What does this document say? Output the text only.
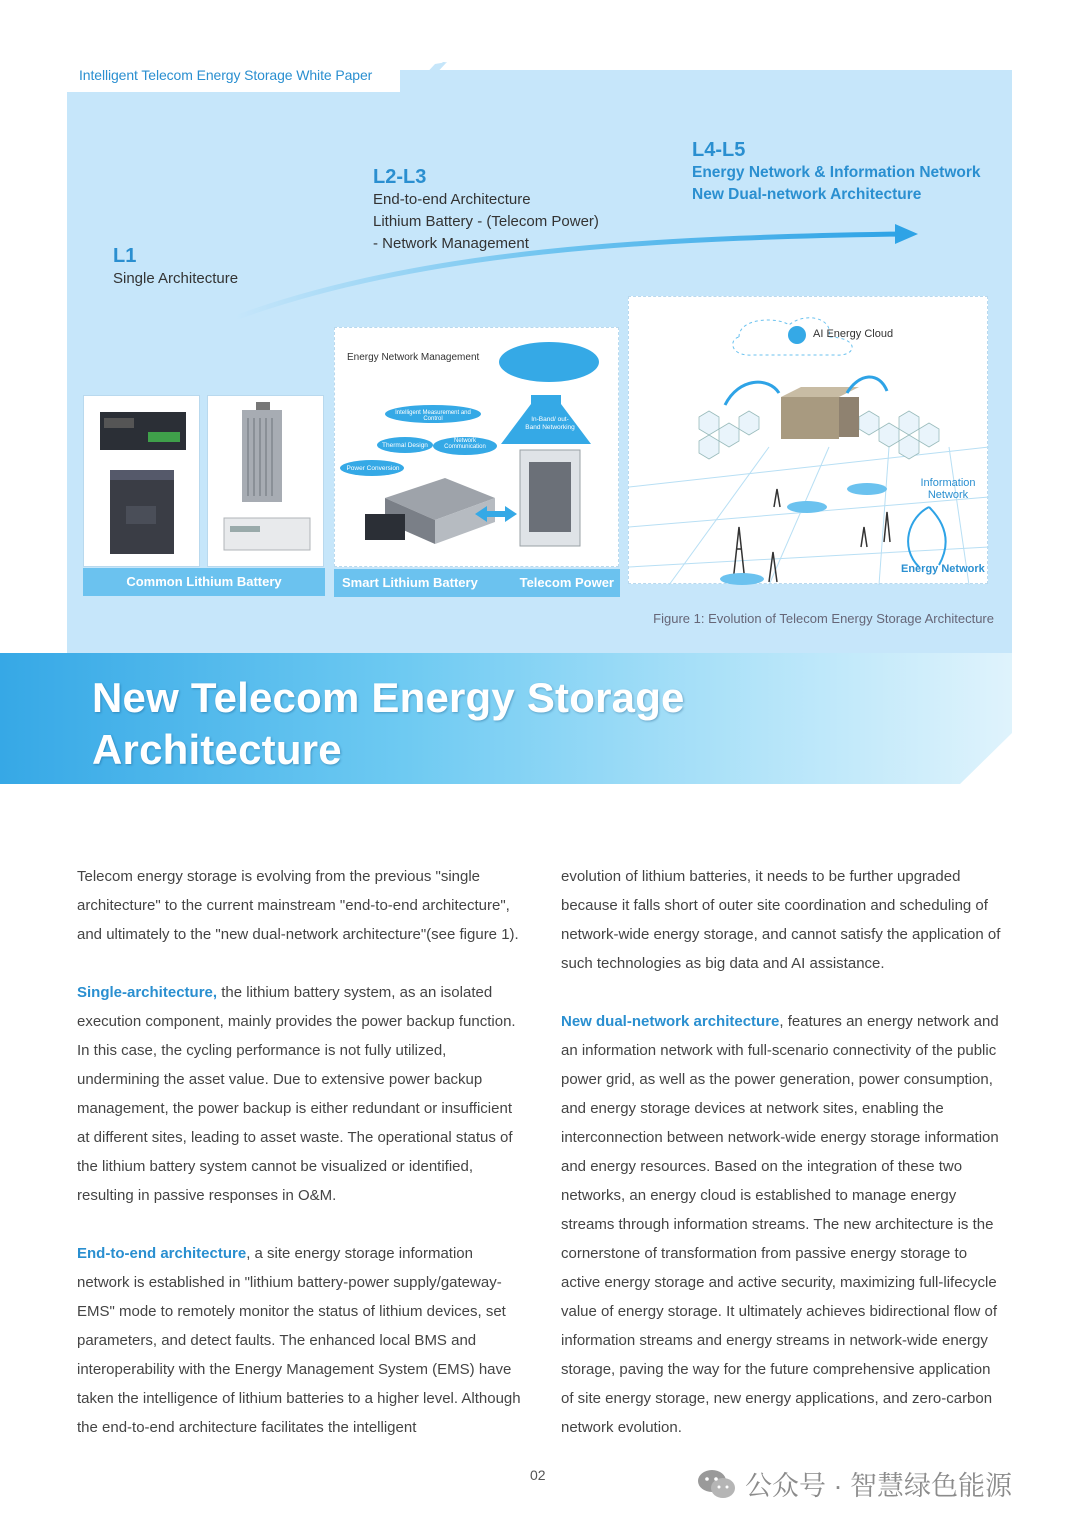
Intelligent Telecom Energy Storage White Paper
L1
Single Architecture
L2-L3
End-to-end Architecture
Lithium Battery - (Telecom Power)
- Network Management
L4-L5
Energy Network & Information Network
New Dual-network Architecture
Common Lithium Battery
Energy Network Management
Intelligent Measurement and Control
Thermal Design
Network Communication
Power Conversion
In-Band/ out-Band Networking
Smart Lithium Battery	Telecom Power
AI Energy Cloud
Information Network
Energy Network
Figure 1: Evolution of Telecom Energy Storage Architecture
New Telecom Energy Storage
Architecture

Telecom energy storage is evolving from the previous "single architecture" to the current mainstream "end-to-end architecture", and ultimately to the "new dual-network architecture"(see figure 1).

Single-architecture, the lithium battery system, as an isolated execution component, mainly provides the power backup function. In this case, the cycling performance is not fully utilized, undermining the asset value. Due to extensive power backup management, the power backup is either redundant or insufficient at different sites, leading to asset waste. The operational status of the lithium battery system cannot be visualized or identified, resulting in passive responses in O&M.

End-to-end architecture, a site energy storage information network is established in "lithium battery-power supply/gateway-EMS" mode to remotely monitor the status of lithium devices, set parameters, and detect faults. The enhanced local BMS and interoperability with the Energy Management System (EMS) have taken the intelligence of lithium batteries to a higher level. Although the end-to-end architecture facilitates the intelligent

evolution of lithium batteries, it needs to be further upgraded because it falls short of outer site coordination and scheduling of network-wide energy storage, and cannot satisfy the application of such technologies as big data and AI assistance.

New dual-network architecture, features an energy network and an information network with full-scenario connectivity of the public power grid, as well as the power generation, power consumption, and energy storage devices at network sites, enabling the interconnection between network-wide energy storage information and energy resources. Based on the integration of these two networks, an energy cloud is established to manage energy streams through information streams. The new architecture is the cornerstone of transformation from passive energy storage to active energy storage and active security, maximizing full-lifecycle value of energy storage. It ultimately achieves bidirectional flow of information streams and energy streams in network-wide energy storage, paving the way for the future comprehensive application of site energy storage, new energy applications, and zero-carbon network evolution.

02	公众号 · 智慧绿色能源
